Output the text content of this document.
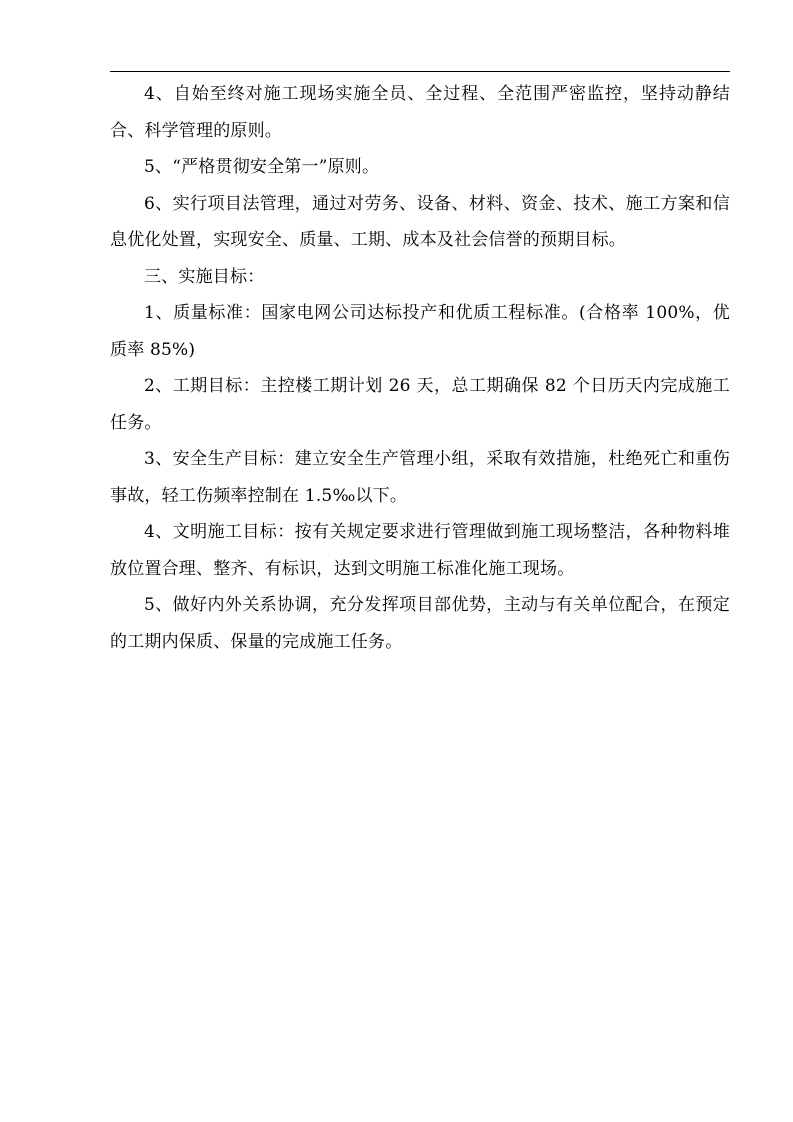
4、自始至终对施工现场实施全员、全过程、全范围严密监控，坚持动静结合、科学管理的原则。

5、“严格贯彻安全第一”原则。

6、实行项目法管理，通过对劳务、设备、材料、资金、技术、施工方案和信息优化处置，实现安全、质量、工期、成本及社会信誉的预期目标。

三、实施目标：

1、质量标准：国家电网公司达标投产和优质工程标准。(合格率 100%，优质率 85%)

2、工期目标：主控楼工期计划 26 天，总工期确保 82 个日历天内完成施工任务。

3、安全生产目标：建立安全生产管理小组，采取有效措施，杜绝死亡和重伤事故，轻工伤频率控制在 1.5‰以下。

4、文明施工目标：按有关规定要求进行管理做到施工现场整洁，各种物料堆放位置合理、整齐、有标识，达到文明施工标准化施工现场。

5、做好内外关系协调，充分发挥项目部优势，主动与有关单位配合，在预定的工期内保质、保量的完成施工任务。
